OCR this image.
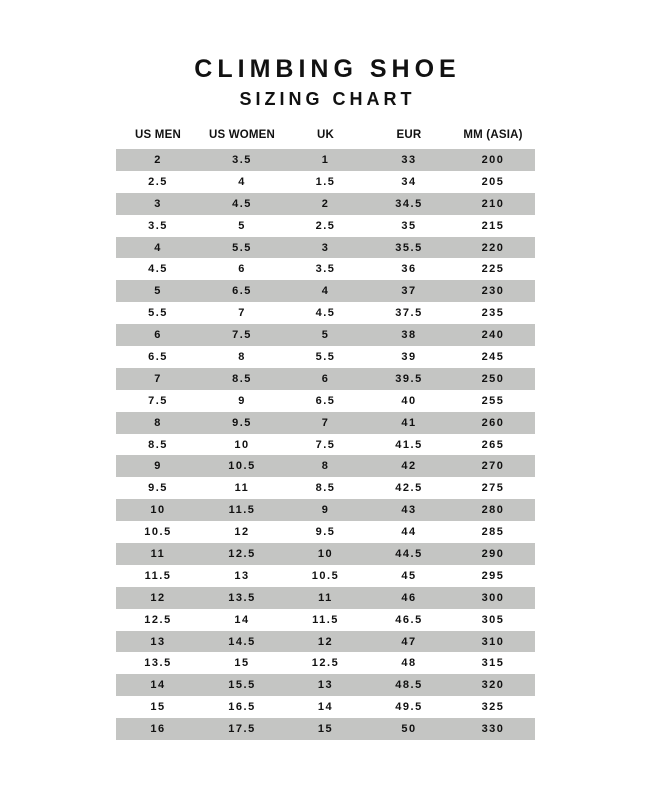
CLIMBING SHOE
SIZING CHART
US MEN	US WOMEN	UK	EUR	MM (ASIA)
2	3.5	1	33	200
2.5	4	1.5	34	205
3	4.5	2	34.5	210
3.5	5	2.5	35	215
4	5.5	3	35.5	220
4.5	6	3.5	36	225
5	6.5	4	37	230
5.5	7	4.5	37.5	235
6	7.5	5	38	240
6.5	8	5.5	39	245
7	8.5	6	39.5	250
7.5	9	6.5	40	255
8	9.5	7	41	260
8.5	10	7.5	41.5	265
9	10.5	8	42	270
9.5	11	8.5	42.5	275
10	11.5	9	43	280
10.5	12	9.5	44	285
11	12.5	10	44.5	290
11.5	13	10.5	45	295
12	13.5	11	46	300
12.5	14	11.5	46.5	305
13	14.5	12	47	310
13.5	15	12.5	48	315
14	15.5	13	48.5	320
15	16.5	14	49.5	325
16	17.5	15	50	330
